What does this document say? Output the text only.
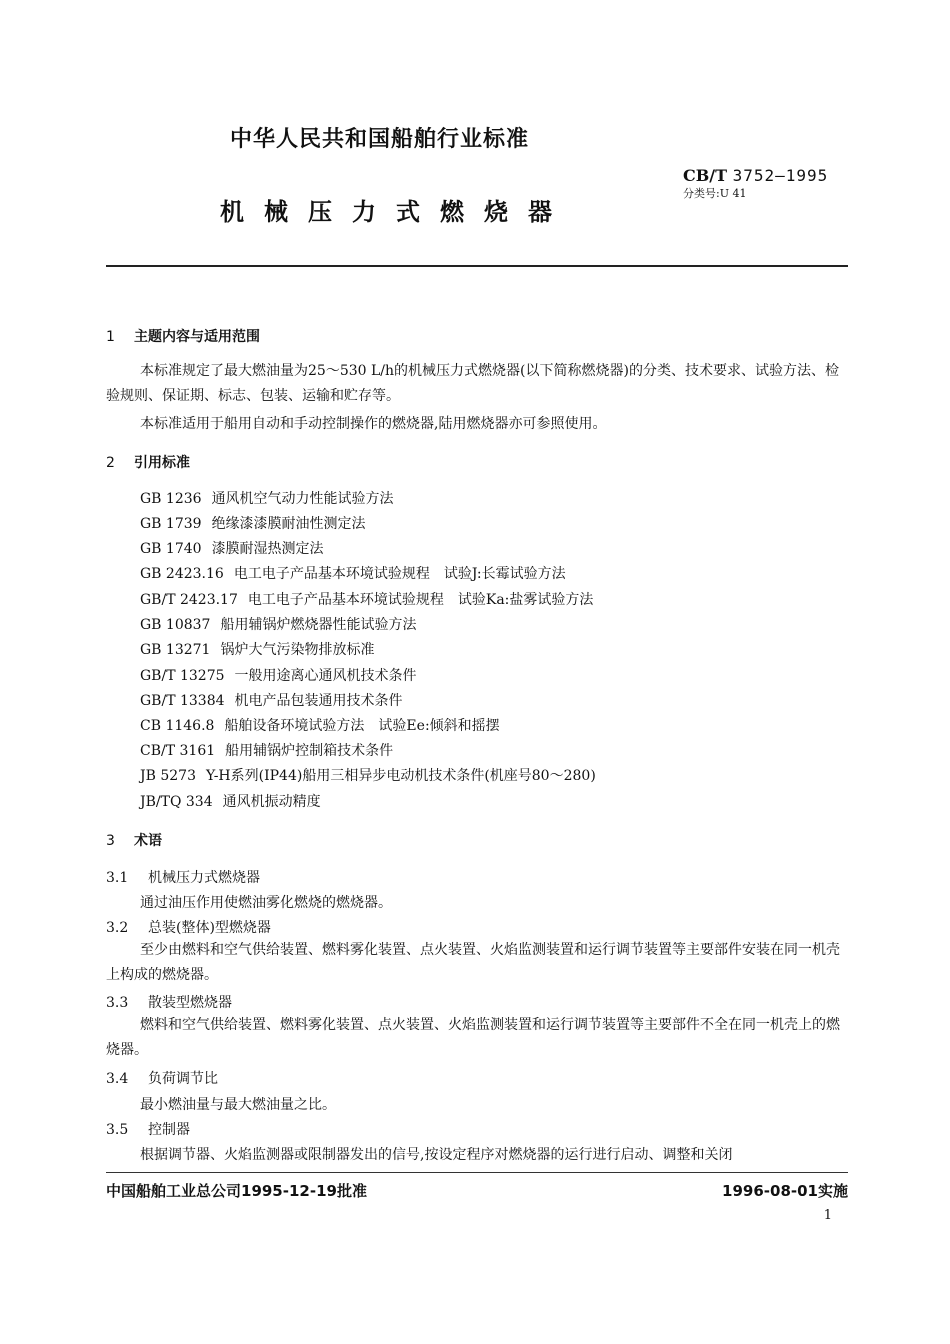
中华人民共和国船舶行业标准
CB/T 3752—1995
分类号:U 41
机械压力式燃烧器
1 主题内容与适用范围
本标准规定了最大燃油量为25～530 L/h的机械压力式燃烧器(以下简称燃烧器)的分类、技术要求、试验方法、检验规则、保证期、标志、包装、运输和贮存等。
本标准适用于船用自动和手动控制操作的燃烧器,陆用燃烧器亦可参照使用。
2 引用标准
GB 1236 通风机空气动力性能试验方法
GB 1739 绝缘漆漆膜耐油性测定法
GB 1740 漆膜耐湿热测定法
GB 2423.16 电工电子产品基本环境试验规程　试验J:长霉试验方法
GB/T 2423.17 电工电子产品基本环境试验规程　试验Ka:盐雾试验方法
GB 10837 船用辅锅炉燃烧器性能试验方法
GB 13271 锅炉大气污染物排放标准
GB/T 13275 一般用途离心通风机技术条件
GB/T 13384 机电产品包装通用技术条件
CB 1146.8 船舶设备环境试验方法　试验Ee:倾斜和摇摆
CB/T 3161 船用辅锅炉控制箱技术条件
JB 5273 Y-H系列(IP44)船用三相异步电动机技术条件(机座号80～280)
JB/TQ 334 通风机振动精度
3 术语
3.1 机械压力式燃烧器
通过油压作用使燃油雾化燃烧的燃烧器。
3.2 总装(整体)型燃烧器
至少由燃料和空气供给装置、燃料雾化装置、点火装置、火焰监测装置和运行调节装置等主要部件安装在同一机壳上构成的燃烧器。
3.3 散装型燃烧器
燃料和空气供给装置、燃料雾化装置、点火装置、火焰监测装置和运行调节装置等主要部件不全在同一机壳上的燃烧器。
3.4 负荷调节比
最小燃油量与最大燃油量之比。
3.5 控制器
根据调节器、火焰监测器或限制器发出的信号,按设定程序对燃烧器的运行进行启动、调整和关闭
中国船舶工业总公司1995-12-19批准	1996-08-01实施
1
